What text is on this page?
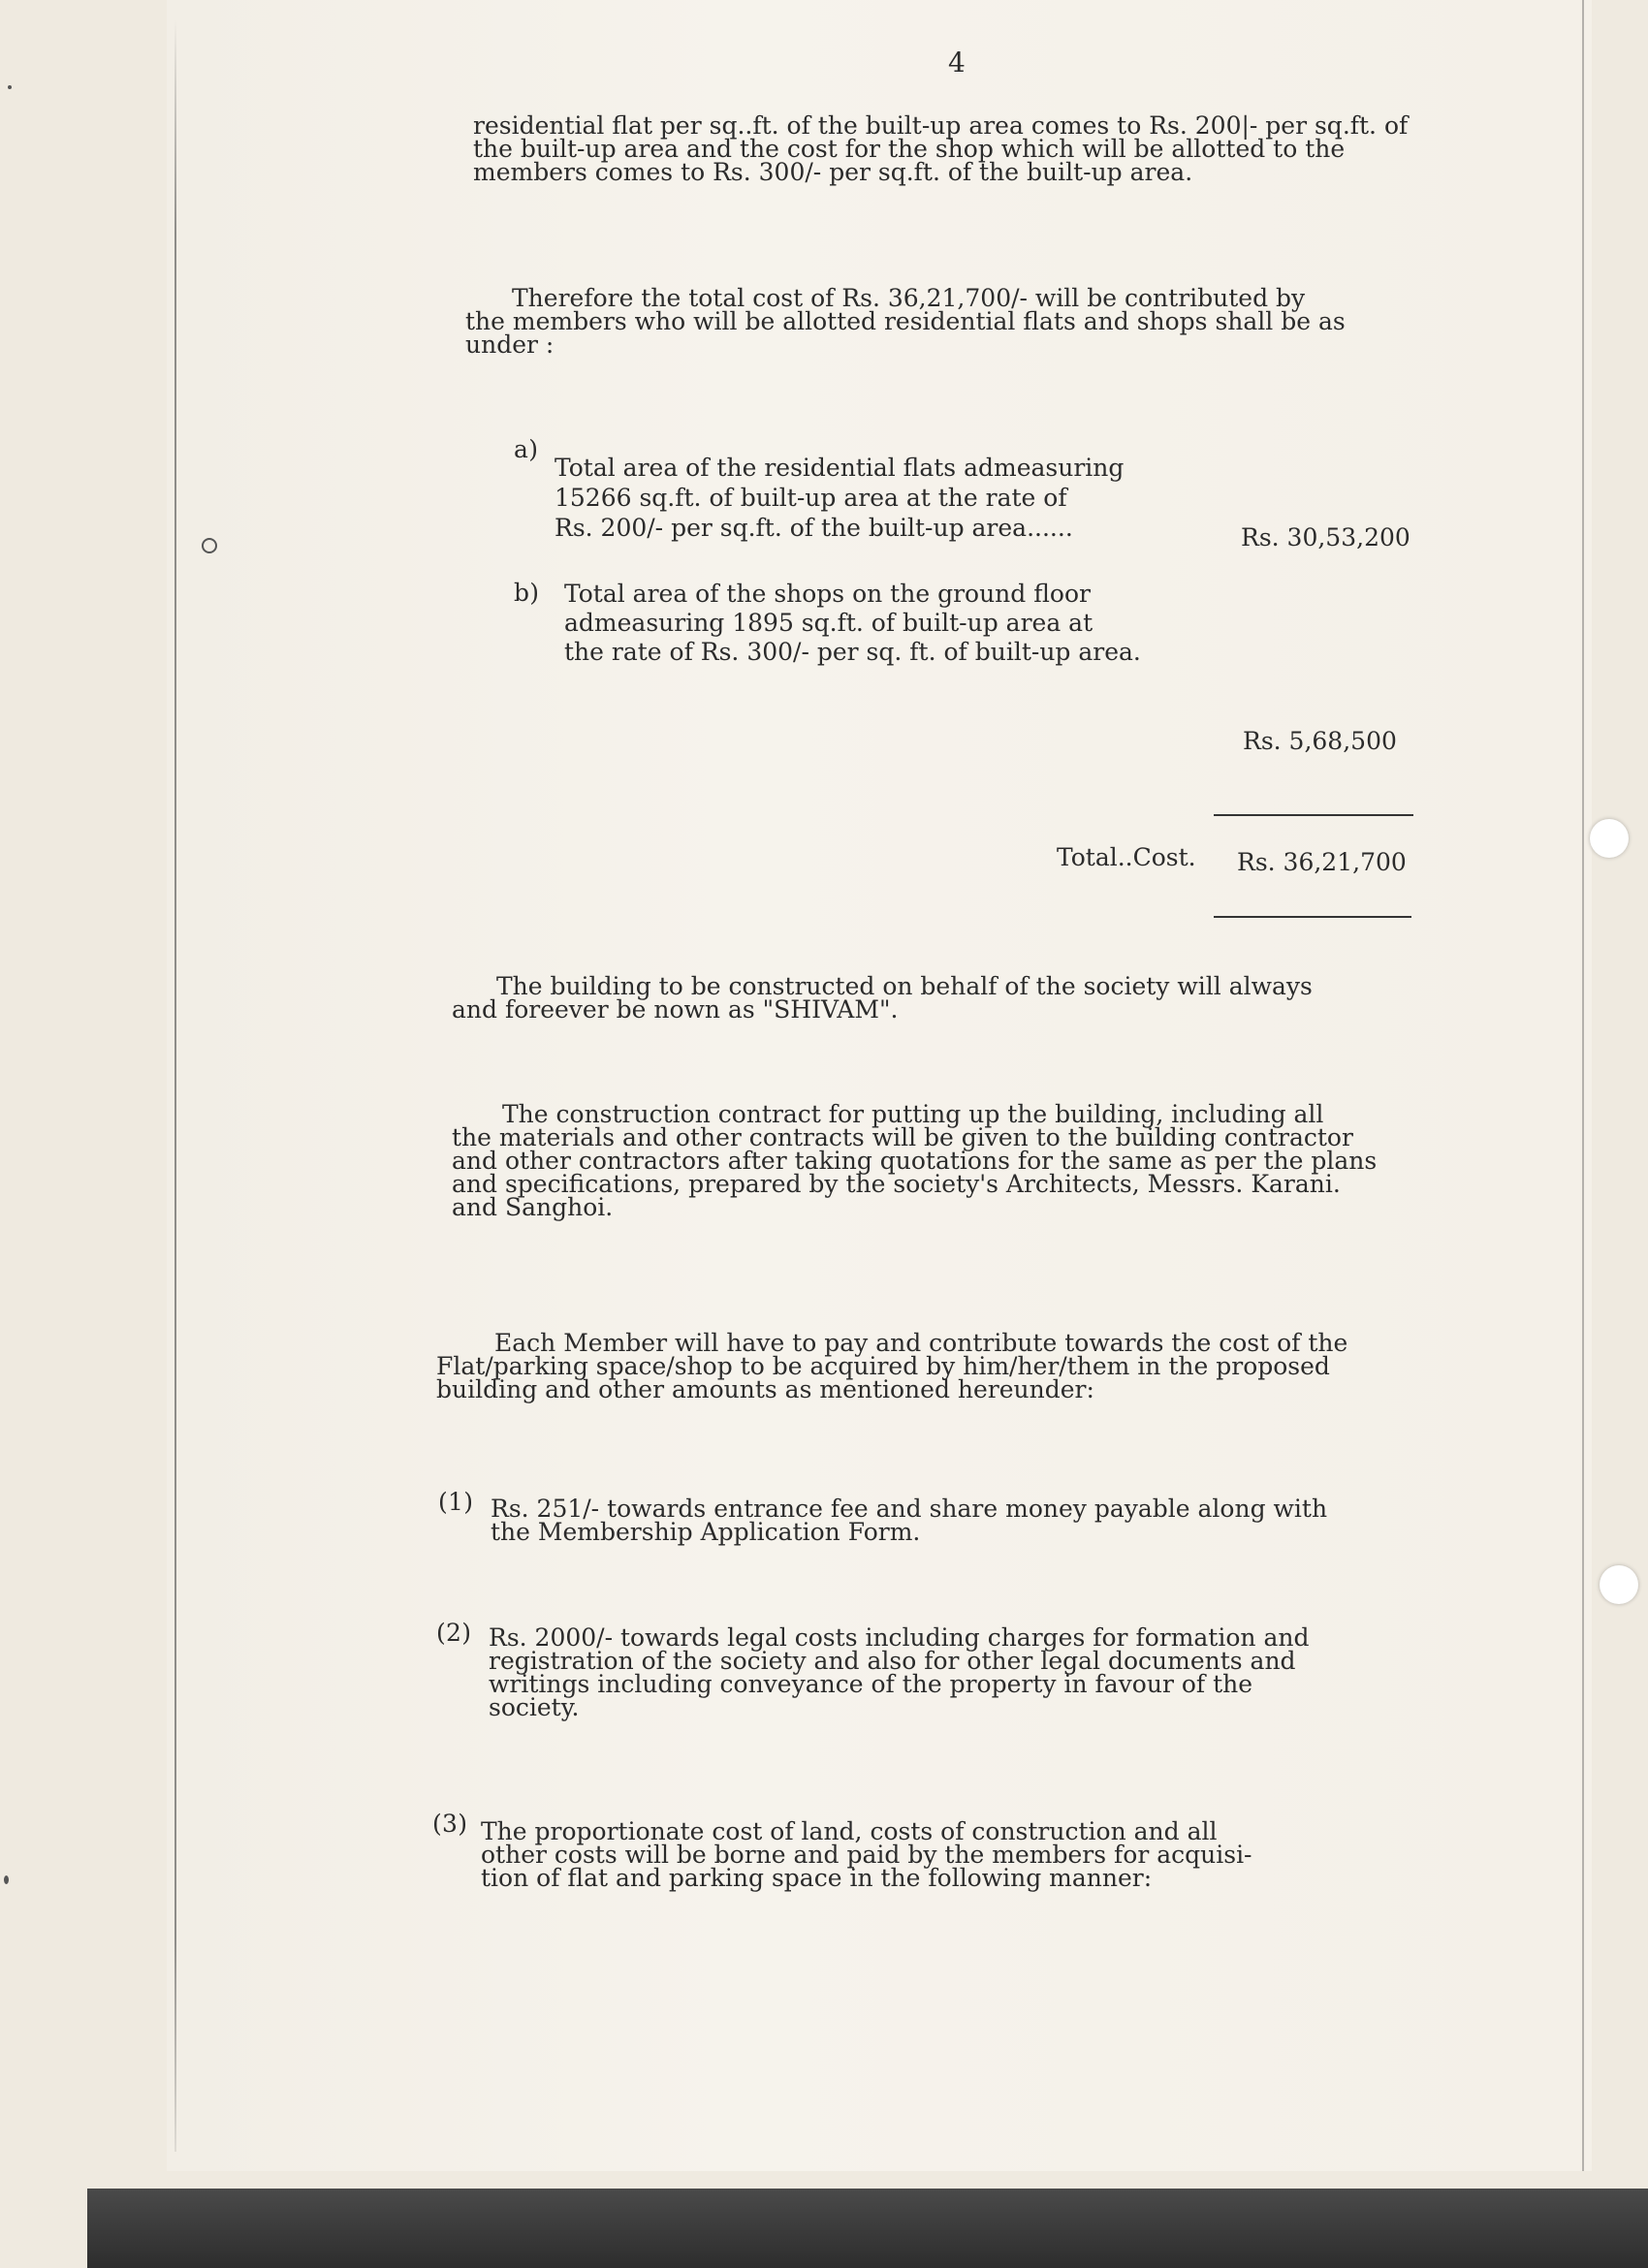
4
residential flat per sq..ft. of the built-up area comes to Rs. 200|- per sq.ft. of
the built-up area and the cost for the shop which will be allotted to the
members comes to Rs. 300/- per sq.ft. of the built-up area.
Therefore the total cost of Rs. 36,21,700/- will be contributed by
the members who will be allotted residential flats and shops shall be as
under :
a)
Total area of the residential flats admeasuring
15266 sq.ft. of built-up area at the rate of
Rs. 200/- per sq.ft. of the built-up area......	Rs. 30,53,200
b) Total area of the shops on the ground floor
admeasuring 1895 sq.ft. of built-up area at
the rate of Rs. 300/- per sq. ft. of built-up area.
Rs. 5,68,500
Total..Cost. Rs. 36,21,700
The building to be constructed on behalf of the society will always
and foreever be nown as "SHIVAM".
The construction contract for putting up the building, including all
the materials and other contracts will be given to the building contractor
and other contractors after taking quotations for the same as per the plans
and specifications, prepared by the society's Architects, Messrs. Karani.
and Sanghoi.
Each Member will have to pay and contribute towards the cost of the
Flat/parking space/shop to be acquired by him/her/them in the proposed
building and other amounts as mentioned hereunder:
(1) Rs. 251/- towards entrance fee and share money payable along with
the Membership Application Form.
(2) Rs. 2000/- towards legal costs including charges for formation and
registration of the society and also for other legal documents and
writings including conveyance of the property in favour of the
society.
(3) The proportionate cost of land, costs of construction and all
other costs will be borne and paid by the members for acquisi-
tion of flat and parking space in the following manner:
